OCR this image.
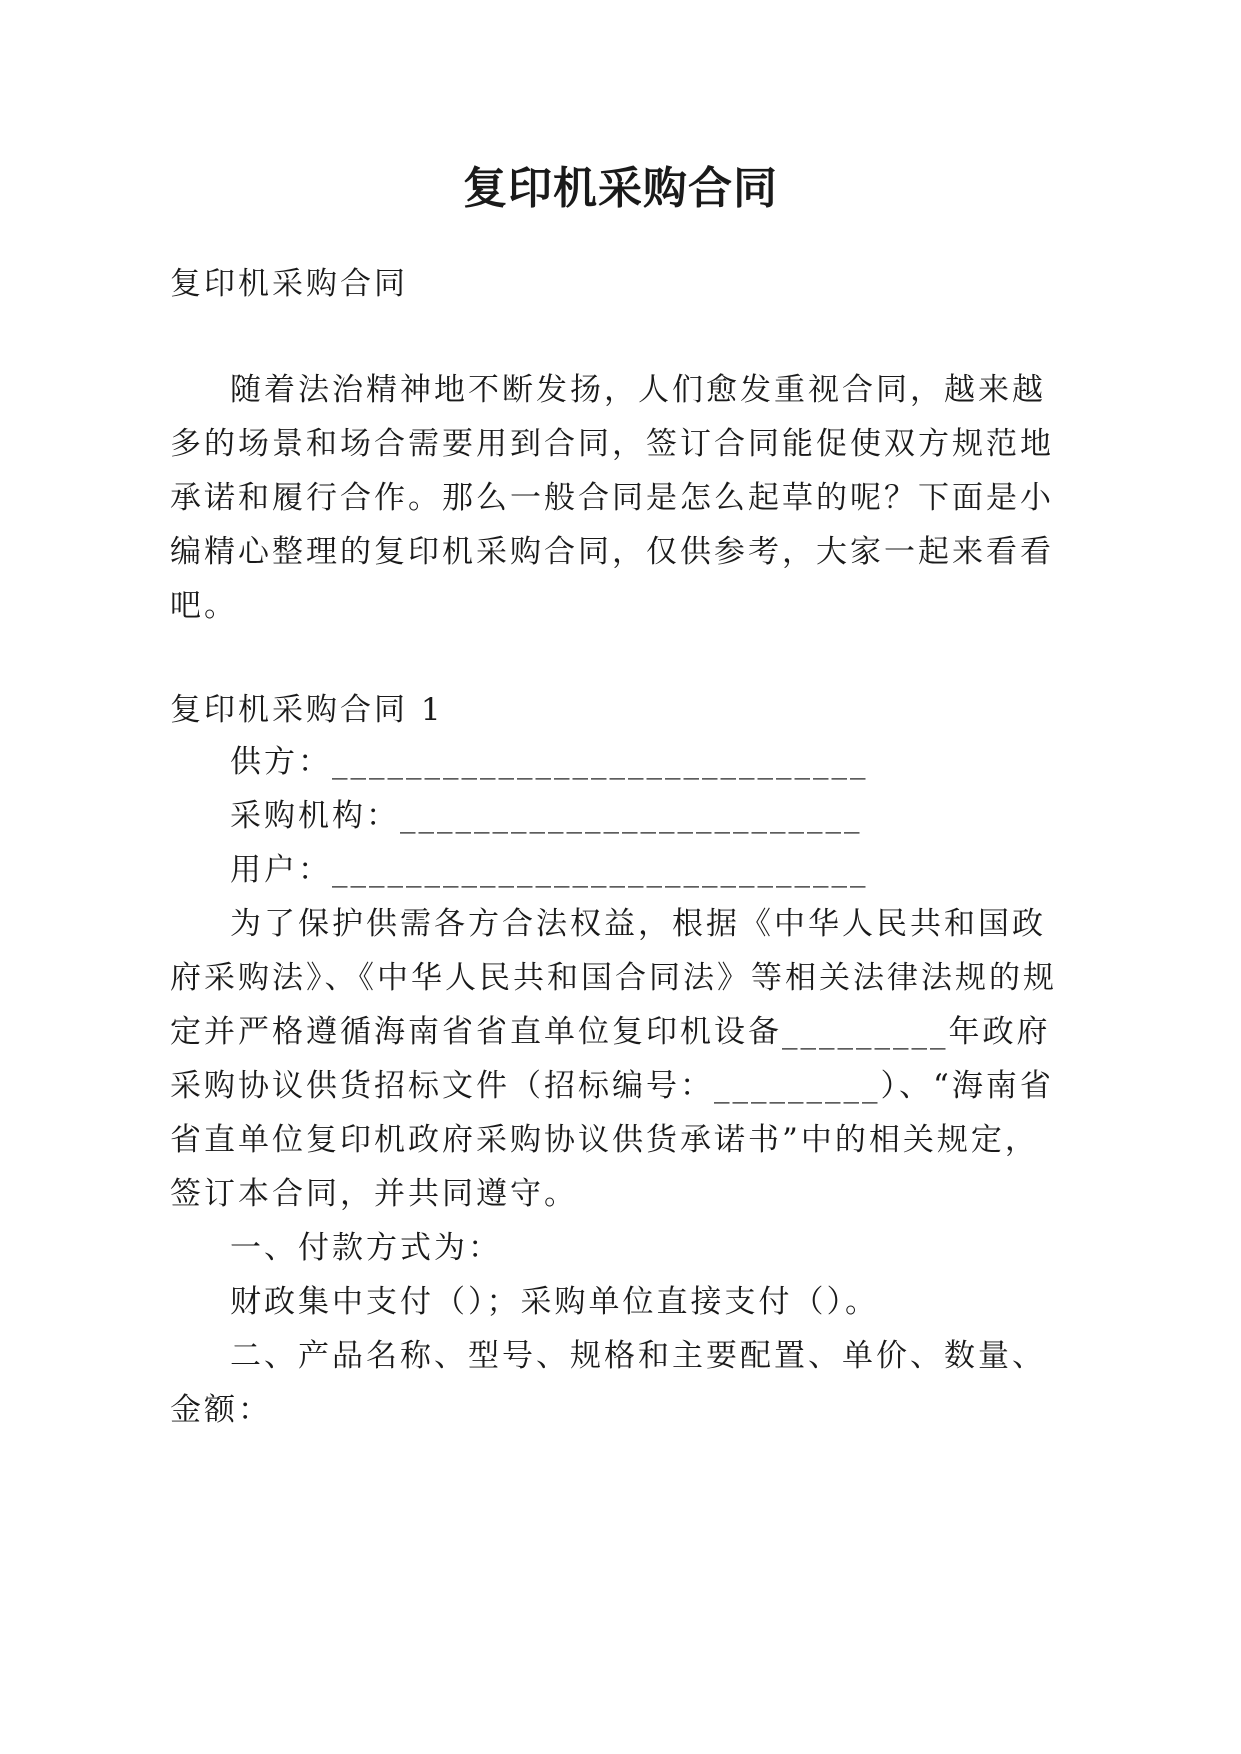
复印机采购合同
复印机采购合同
随着法治精神地不断发扬，人们愈发重视合同，越来越
多的场景和场合需要用到合同，签订合同能促使双方规范地
承诺和履行合作。那么一般合同是怎么起草的呢？下面是小
编精心整理的复印机采购合同，仅供参考，大家一起来看看
吧。
复印机采购合同 1
供方：_____________________________
采购机构：_________________________
用户：_____________________________
为了保护供需各方合法权益，根据《中华人民共和国政
府采购法》、《中华人民共和国合同法》等相关法律法规的规
定并严格遵循海南省省直单位复印机设备_________年政府
采购协议供货招标文件（招标编号：_________）、“海南省
省直单位复印机政府采购协议供货承诺书”中的相关规定，
签订本合同，并共同遵守。
一、付款方式为：
财政集中支付（）；采购单位直接支付（）。
二、产品名称、型号、规格和主要配置、单价、数量、
金额：
